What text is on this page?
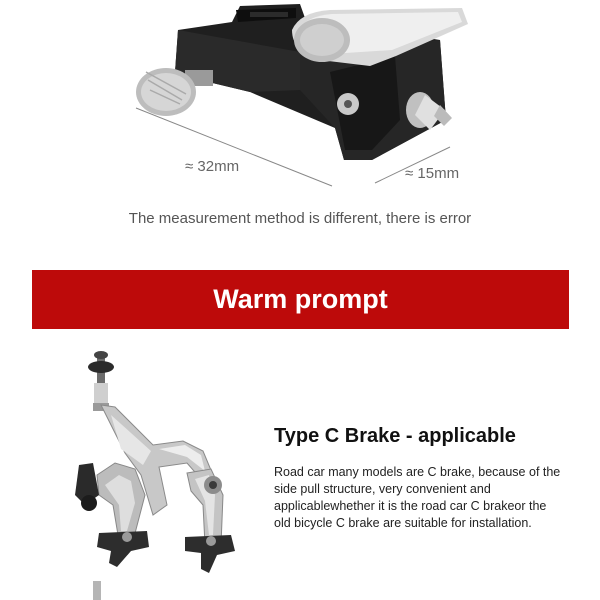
≈ 32mm	≈ 15mm
The measurement method is different, there is error
Warm prompt
Type C Brake - applicable
Road car many models are C brake, because of the side pull structure, very convenient and applicablewhether it is the road car C brakeor the old bicycle C brake are suitable for installation.
